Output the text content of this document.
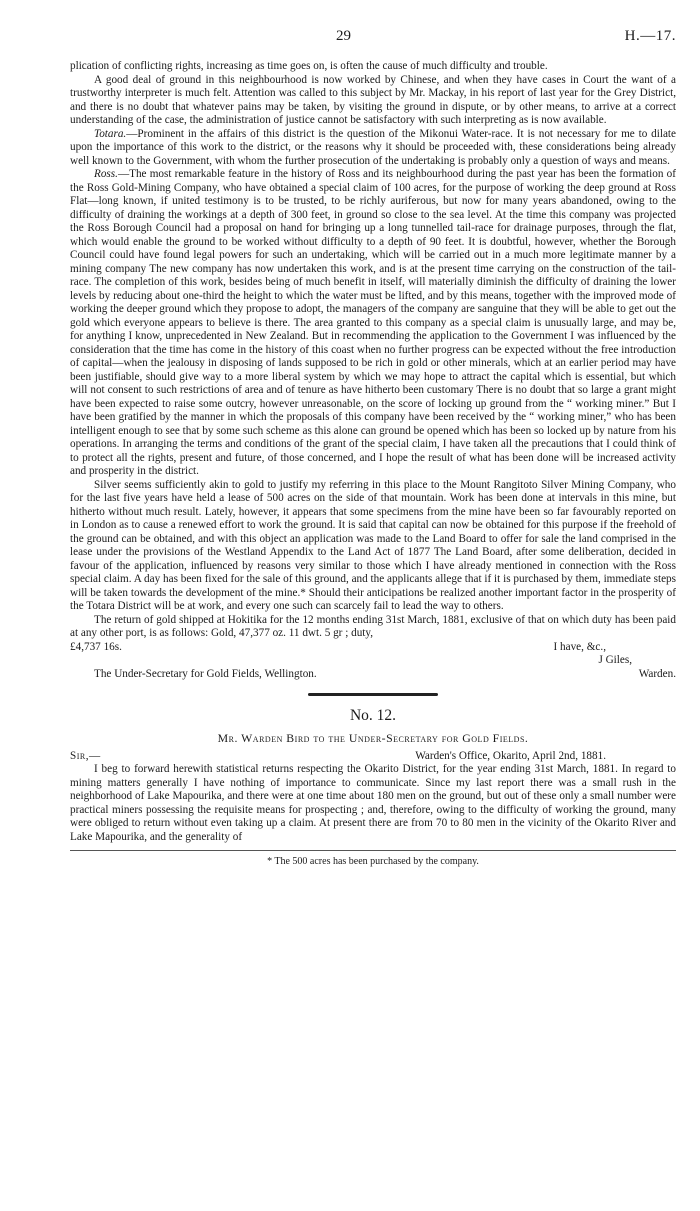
29	H.—17.

plication of conflicting rights, increasing as time goes on, is often the cause of much difficulty and trouble.

A good deal of ground in this neighbourhood is now worked by Chinese, and when they have cases in Court the want of a trustworthy interpreter is much felt. Attention was called to this subject by Mr. Mackay, in his report of last year for the Grey District, and there is no doubt that whatever pains may be taken, by visiting the ground in dispute, or by other means, to arrive at a correct understanding of the case, the administration of justice cannot be satisfactory with such interpreting as is now available.

Totara.—Prominent in the affairs of this district is the question of the Mikonui Water-race. It is not necessary for me to dilate upon the importance of this work to the district, or the reasons why it should be proceeded with, these considerations being already well known to the Government, with whom the further prosecution of the undertaking is probably only a question of ways and means.

Ross.—The most remarkable feature in the history of Ross and its neighbourhood during the past year has been the formation of the Ross Gold-Mining Company, who have obtained a special claim of 100 acres, for the purpose of working the deep ground at Ross Flat—long known, if united testimony is to be trusted, to be richly auriferous, but now for many years abandoned, owing to the difficulty of draining the workings at a depth of 300 feet, in ground so close to the sea level. At the time this company was projected the Ross Borough Council had a proposal on hand for bringing up a long tunnelled tail-race for drainage purposes, through the flat, which would enable the ground to be worked without difficulty to a depth of 90 feet. It is doubtful, however, whether the Borough Council could have found legal powers for such an undertaking, which will be carried out in a much more legitimate manner by a mining company The new company has now undertaken this work, and is at the present time carrying on the construction of the tail-race. The completion of this work, besides being of much benefit in itself, will materially diminish the difficulty of draining the lower levels by reducing about one-third the height to which the water must be lifted, and by this means, together with the improved mode of working the deeper ground which they propose to adopt, the managers of the company are sanguine that they will be able to get out the gold which everyone appears to believe is there. The area granted to this company as a special claim is unusually large, and may be, for anything I know, unprecedented in New Zealand. But in recommending the application to the Government I was influenced by the consideration that the time has come in the history of this coast when no further progress can be expected without the free introduction of capital—when the jealousy in disposing of lands supposed to be rich in gold or other minerals, which at an earlier period may have been justifiable, should give way to a more liberal system by which we may hope to attract the capital which is essential, but which will not consent to such restrictions of area and of tenure as have hitherto been customary There is no doubt that so large a grant might have been expected to raise some outcry, however unreasonable, on the score of locking up ground from the “ working miner.” But I have been gratified by the manner in which the proposals of this company have been received by the “ working miner,” who has been intelligent enough to see that by some such scheme as this alone can ground be opened which has been so locked up by nature from his operations. In arranging the terms and conditions of the grant of the special claim, I have taken all the precautions that I could think of to protect all the rights, present and future, of those concerned, and I hope the result of what has been done will be increased activity and prosperity in the district.

Silver seems sufficiently akin to gold to justify my referring in this place to the Mount Rangitoto Silver Mining Company, who for the last five years have held a lease of 500 acres on the side of that mountain. Work has been done at intervals in this mine, but hitherto without much result. Lately, however, it appears that some specimens from the mine have been so far favourably reported on in London as to cause a renewed effort to work the ground. It is said that capital can now be obtained for this purpose if the freehold of the ground can be obtained, and with this object an application was made to the Land Board to offer for sale the land comprised in the lease under the provisions of the Westland Appendix to the Land Act of 1877 The Land Board, after some deliberation, decided in favour of the application, influenced by reasons very similar to those which I have already mentioned in connection with the Ross special claim. A day has been fixed for the sale of this ground, and the applicants allege that if it is purchased by them, immediate steps will be taken towards the development of the mine.* Should their anticipations be realized another important factor in the prosperity of the Totara District will be at work, and every one such can scarcely fail to lead the way to others.

The return of gold shipped at Hokitika for the 12 months ending 31st March, 1881, exclusive of that on which duty has been paid at any other port, is as follows: Gold, 47,377 oz. 11 dwt. 5 gr ; duty,

£4,737 16s.	I have, &c.,
J Giles,
The Under-Secretary for Gold Fields, Wellington.	Warden.
No. 12.
Mr. Warden Bird to the Under-Secretary for Gold Fields.
Sir,—	Warden's Office, Okarito, April 2nd, 1881.

I beg to forward herewith statistical returns respecting the Okarito District, for the year ending 31st March, 1881. In regard to mining matters generally I have nothing of importance to communicate. Since my last report there was a small rush in the neighborhood of Lake Mapourika, and there were at one time about 180 men on the ground, but out of these only a small number were practical miners possessing the requisite means for prospecting ; and, therefore, owing to the difficulty of working the ground, many were obliged to return without even taking up a claim. At present there are from 70 to 80 men in the vicinity of the Okarito River and Lake Mapourika, and the generality of

* The 500 acres has been purchased by the company.
